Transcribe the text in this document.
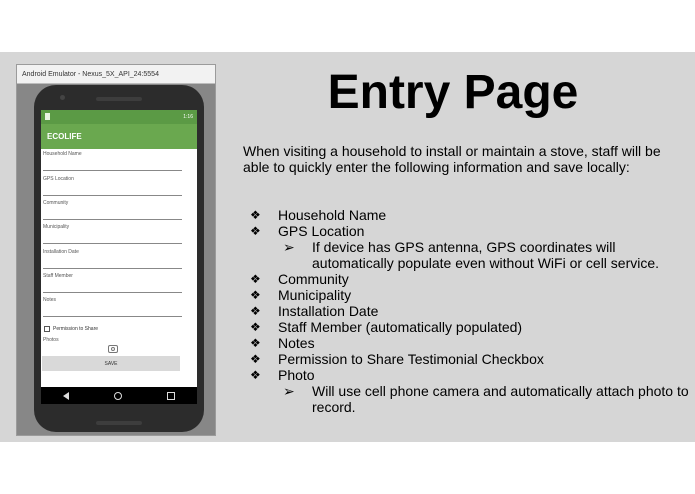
Android Emulator - Nexus_5X_API_24:5554
1:16
ECOLIFE
Household Name
GPS Location
Community
Municipality
Installation Date
Staff Member
Notes
Permission to Share
Photos
SAVE
Entry Page
When visiting a household to install or maintain a stove, staff will be able to quickly enter the following information and save locally:
❖ Household Name
❖ GPS Location
➢ If device has GPS antenna, GPS coordinates will automatically populate even without WiFi or cell service.
❖ Community
❖ Municipality
❖ Installation Date
❖ Staff Member (automatically populated)
❖ Notes
❖ Permission to Share Testimonial Checkbox
❖ Photo
➢ Will use cell phone camera and automatically attach photo to record.
